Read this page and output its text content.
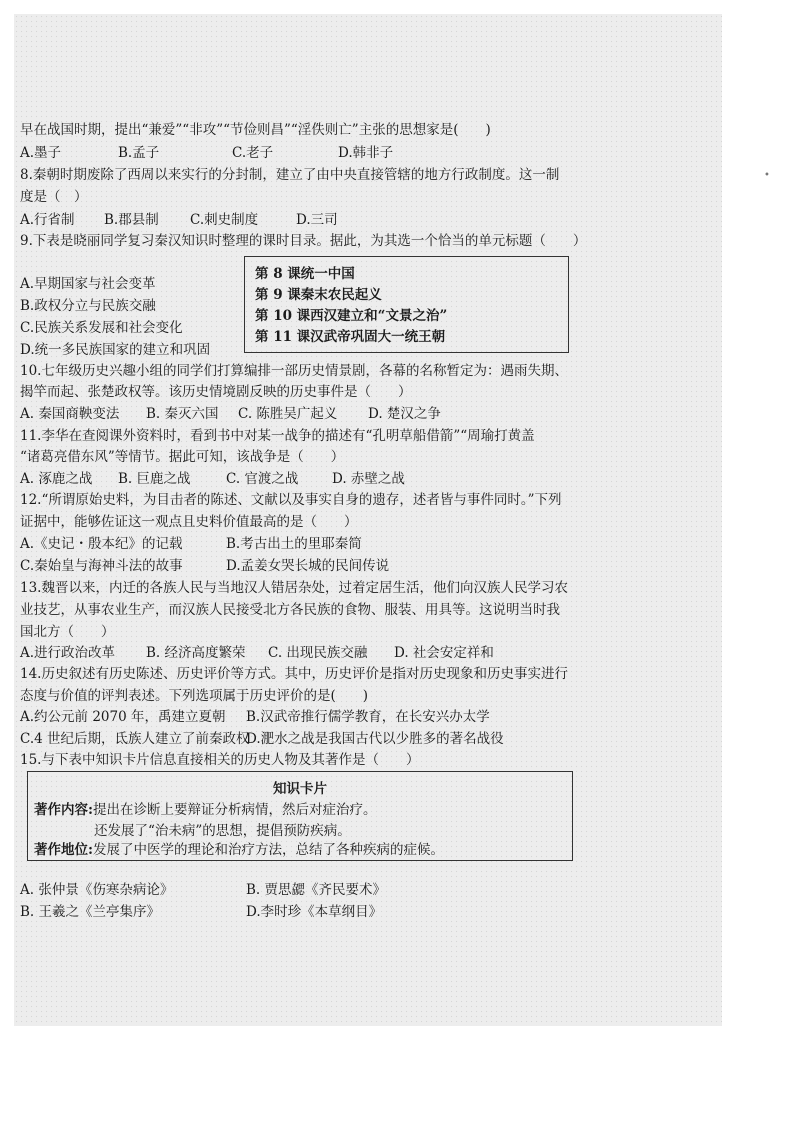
•
早在战国时期，提出“兼爱”“非攻”“节俭则昌”“淫佚则亡”主张的思想家是(　　)
A.墨子	B.孟子	C.老子	D.韩非子
8.秦朝时期废除了西周以来实行的分封制，建立了由中央直接管辖的地方行政制度。这一制
度是（　）
A.行省制 B.郡县制 C.刺史制度	D.三司
9.下表是晓丽同学复习秦汉知识时整理的课时目录。据此，为其选一个恰当的单元标题（　　）
A.早期国家与社会变革
B.政权分立与民族交融
C.民族关系发展和社会变化
D.统一多民族国家的建立和巩固
第 8 课统一中国
第 9 课秦末农民起义
第 10 课西汉建立和“文景之治”
第 11 课汉武帝巩固大一统王朝
10.七年级历史兴趣小组的同学们打算编排一部历史情景剧，各幕的名称暂定为：遇雨失期、
揭竿而起、张楚政权等。该历史情境剧反映的历史事件是（　　）
A. 秦国商鞅变法 B. 秦灭六国 C. 陈胜吴广起义 D. 楚汉之争
11.李华在查阅课外资料时，看到书中对某一战争的描述有“孔明草船借箭”“周瑜打黄盖
“诸葛亮借东风”等情节。据此可知，该战争是（　　）
A. 涿鹿之战 B. 巨鹿之战	C. 官渡之战 D. 赤壁之战
12.“所谓原始史料，为目击者的陈述、文献以及事实自身的遗存，述者皆与事件同时。”下列
证据中，能够佐证这一观点且史料价值最高的是（　　）
A.《史记・殷本纪》的记载	B.考古出土的里耶秦简
C.秦始皇与海神斗法的故事	D.孟姜女哭长城的民间传说
13.魏晋以来，内迁的各族人民与当地汉人错居杂处，过着定居生活，他们向汉族人民学习农
业技艺，从事农业生产，而汉族人民接受北方各民族的食物、服装、用具等。这说明当时我
国北方（　　）
A.进行政治改革 B. 经济高度繁荣 C. 出现民族交融 D. 社会安定祥和
14.历史叙述有历史陈述、历史评价等方式。其中，历史评价是指对历史现象和历史事实进行
态度与价值的评判表述。下列选项属于历史评价的是(　　)
A.约公元前 2070 年，禹建立夏朝 B.汉武帝推行儒学教育，在长安兴办太学
C.4 世纪后期，氐族人建立了前秦政权
D.淝水之战是我国古代以少胜多的著名战役
15.与下表中知识卡片信息直接相关的历史人物及其著作是（　　）
知识卡片
著作内容:提出在诊断上要辩证分析病情，然后对症治疗。
还发展了“治未病”的思想，提倡预防疾病。
著作地位:发展了中医学的理论和治疗方法，总结了各种疾病的症候。
A. 张仲景《伤寒杂病论》	B. 贾思勰《齐民要术》
B. 王羲之《兰亭集序》	D.李时珍《本草纲目》
